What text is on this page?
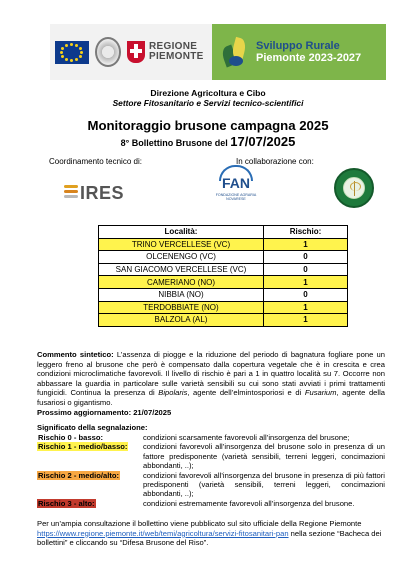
REGIONE
PIEMONTE
Sviluppo Rurale
Piemonte 2023-2027
Direzione Agricoltura e Cibo
Settore Fitosanitario e Servizi tecnico-scientifici
Monitoraggio brusone campagna 2025
8° Bollettino Brusone del 17/07/2025
Coordinamento tecnico di:	In collaborazione con:
IRES	FAN
FONDAZIONE AGRARIA
NOVARESE
Località:	Rischio:
TRINO VERCELLESE (VC)	1
OLCENENGO (VC)	0
SAN GIACOMO VERCELLESE (VC)	0
CAMERIANO (NO)	1
NIBBIA (NO)	0
TERDOBBIATE (NO)	1
BALZOLA (AL)	1
Commento sintetico: L’assenza di piogge e la riduzione del periodo di bagnatura fogliare pone un leggero freno al brusone che però è compensato dalla copertura vegetale che è in crescita e crea condizioni microclimatiche favorevoli. Il livello di rischio è pari a 1 in quattro località su 7. Occorre non abbassare la guardia in particolare sulle varietà sensibili su cui sono stati avviati i primi trattamenti fungicidi. Continua la presenza di Bipolaris, agente dell’elmintosporiosi e di Fusarium, agente della fusariosi o gigantismo.
Prossimo aggiornamento: 21/07/2025
Significato della segnalazione:
Rischio 0 - basso:	condizioni scarsamente favorevoli all’insorgenza del brusone;
Rischio 1 - medio/basso:	condizioni favorevoli all’insorgenza del brusone solo in presenza di un fattore predisponente (varietà sensibili, terreni leggeri, concimazioni abbondanti, ..);
Rischio 2 - medio/alto:	condizioni favorevoli all’insorgenza del brusone in presenza di più fattori predisponenti (varietà sensibili, terreni leggeri, concimazioni abbondanti, ..);
Rischio 3 - alto:	condizioni estremamente favorevoli all’insorgenza del brusone.
Per un’ampia consultazione il bollettino viene pubblicato sul sito ufficiale della Regione Piemonte https://www.regione.piemonte.it/web/temi/agricoltura/servizi-fitosanitari-pan nella sezione “Bacheca dei bollettini” e cliccando su “Difesa Brusone del Riso”.
